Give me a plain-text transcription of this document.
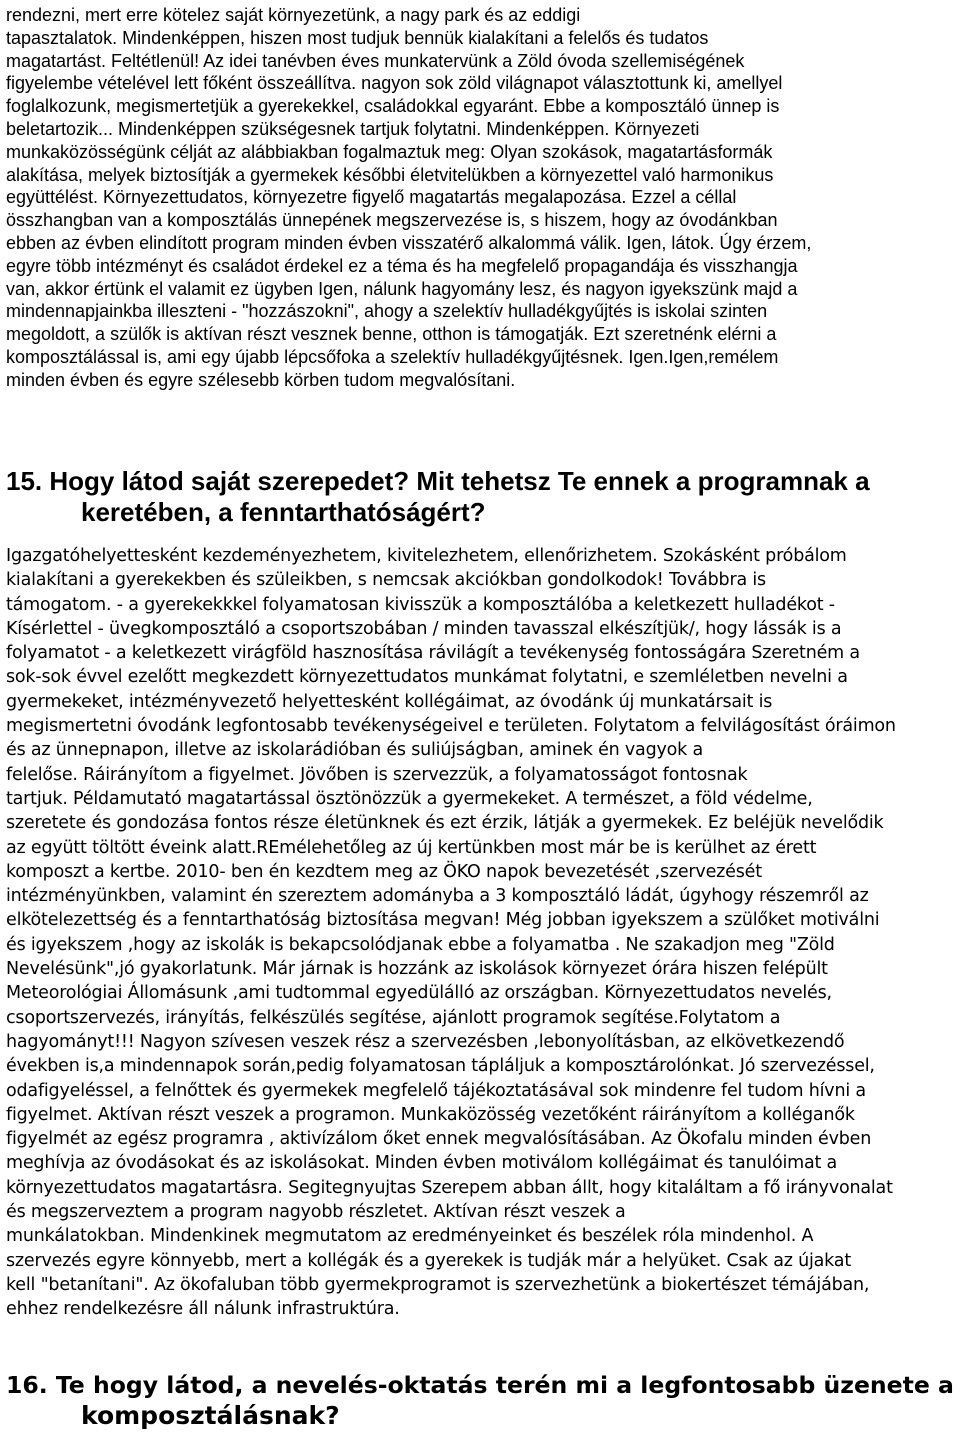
rendezni, mert erre kötelez saját környezetünk, a nagy park és az eddigi
tapasztalatok. Mindenképpen, hiszen most tudjuk bennük kialakítani a felelős és tudatos
magatartást. Feltétlenül! Az idei tanévben éves munkatervünk a Zöld óvoda szellemiségének
figyelembe vételével lett főként összeállítva. nagyon sok zöld világnapot választottunk ki, amellyel
foglalkozunk, megismertetjük a gyerekekkel, családokkal egyaránt. Ebbe a komposztáló ünnep is
beletartozik... Mindenképpen szükségesnek tartjuk folytatni. Mindenképpen. Környezeti
munkaközösségünk célját az alábbiakban fogalmaztuk meg: Olyan szokások, magatartásformák
alakítása, melyek biztosítják a gyermekek későbbi életvitelükben a környezettel való harmonikus
együttélést. Környezettudatos, környezetre figyelő magatartás megalapozása. Ezzel a céllal
összhangban van a komposztálás ünnepének megszervezése is, s hiszem, hogy az óvodánkban
ebben az évben elindított program minden évben visszatérő alkalommá válik. Igen, látok. Úgy érzem,
egyre több intézményt és családot érdekel ez a téma és ha megfelelő propagandája és visszhangja
van, akkor értünk el valamit ez ügyben Igen, nálunk hagyomány lesz, és nagyon igyekszünk majd a
mindennapjainkba illeszteni - "hozzászokni", ahogy a szelektív hulladékgyűjtés is iskolai szinten
megoldott, a szülők is aktívan részt vesznek benne, otthon is támogatják. Ezt szeretnénk elérni a
komposztálással is, ami egy újabb lépcsőfoka a szelektív hulladékgyűjtésnek. Igen.Igen,remélem
minden évben és egyre szélesebb körben tudom megvalósítani.
15. Hogy látod saját szerepedet? Mit tehetsz Te ennek a programnak a
keretében, a fenntarthatóságért?
Igazgatóhelyettesként kezdeményezhetem, kivitelezhetem, ellenőrizhetem. Szokásként próbálom
kialakítani a gyerekekben és szüleikben, s nemcsak akciókban gondolkodok! Továbbra is
támogatom. - a gyerekekkkel folyamatosan kivisszük a komposztálóba a keletkezett hulladékot -
Kísérlettel - üvegkomposztáló a csoportszobában / minden tavasszal elkészítjük/, hogy lássák is a
folyamatot - a keletkezett virágföld hasznosítása rávilágít a tevékenység fontosságára Szeretném a
sok-sok évvel ezelőtt megkezdett környezettudatos munkámat folytatni, e szemléletben nevelni a
gyermekeket, intézményvezető helyettesként kollégáimat, az óvodánk új munkatársait is
megismertetni óvodánk legfontosabb tevékenységeivel e területen. Folytatom a felvilágosítást óráimon
és az ünnepnapon, illetve az iskolarádióban és suliújságban, aminek én vagyok a
felelőse. Ráirányítom a figyelmet. Jövőben is szervezzük, a folyamatosságot fontosnak
tartjuk. Példamutató magatartással ösztönözzük a gyermekeket. A természet, a föld védelme,
szeretete és gondozása fontos része életünknek és ezt érzik, látják a gyermekek. Ez beléjük nevelődik
az együtt töltött éveink alatt.REmélehetőleg az új kertünkben most már be is kerülhet az érett
komposzt a kertbe. 2010- ben én kezdtem meg az ÖKO napok bevezetését ,szervezését
intézményünkben, valamint én szereztem adományba a 3 komposztáló ládát, úgyhogy részemről az
elkötelezettség és a fenntarthatóság biztosítása megvan! Még jobban igyekszem a szülőket motiválni
és igyekszem ,hogy az iskolák is bekapcsolódjanak ebbe a folyamatba . Ne szakadjon meg "Zöld
Nevelésünk",jó gyakorlatunk. Már járnak is hozzánk az iskolások környezet órára hiszen felépült
Meteorológiai Állomásunk ,ami tudtommal egyedülálló az országban. Környezettudatos nevelés,
csoportszervezés, irányítás, felkészülés segítése, ajánlott programok segítése.Folytatom a
hagyományt!!! Nagyon szívesen veszek rész a szervezésben ,lebonyolításban, az elkövetkezendő
években is,a mindennapok során,pedig folyamatosan tápláljuk a komposztárolónkat. Jó szervezéssel,
odafigyeléssel, a felnőttek és gyermekek megfelelő tájékoztatásával sok mindenre fel tudom hívni a
figyelmet. Aktívan részt veszek a programon. Munkaközösség vezetőként ráirányítom a kolléganők
figyelmét az egész programra , aktivízálom őket ennek megvalósításában. Az Ökofalu minden évben
meghívja az óvodásokat és az iskolásokat. Minden évben motiválom kollégáimat és tanulóimat a
környezettudatos magatartásra. Segitegnyujtas Szerepem abban állt, hogy kitaláltam a fő irányvonalat
és megszerveztem a program nagyobb részletet. Aktívan részt veszek a
munkálatokban. Mindenkinek megmutatom az eredményeinket és beszélek róla mindenhol. A
szervezés egyre könnyebb, mert a kollégák és a gyerekek is tudják már a helyüket. Csak az újakat
kell "betanítani". Az ökofaluban több gyermekprogramot is szervezhetünk a biokertészet témájában,
ehhez rendelkezésre áll nálunk infrastruktúra.
16. Te hogy látod, a nevelés-oktatás terén mi a legfontosabb üzenete a
komposztálásnak?
